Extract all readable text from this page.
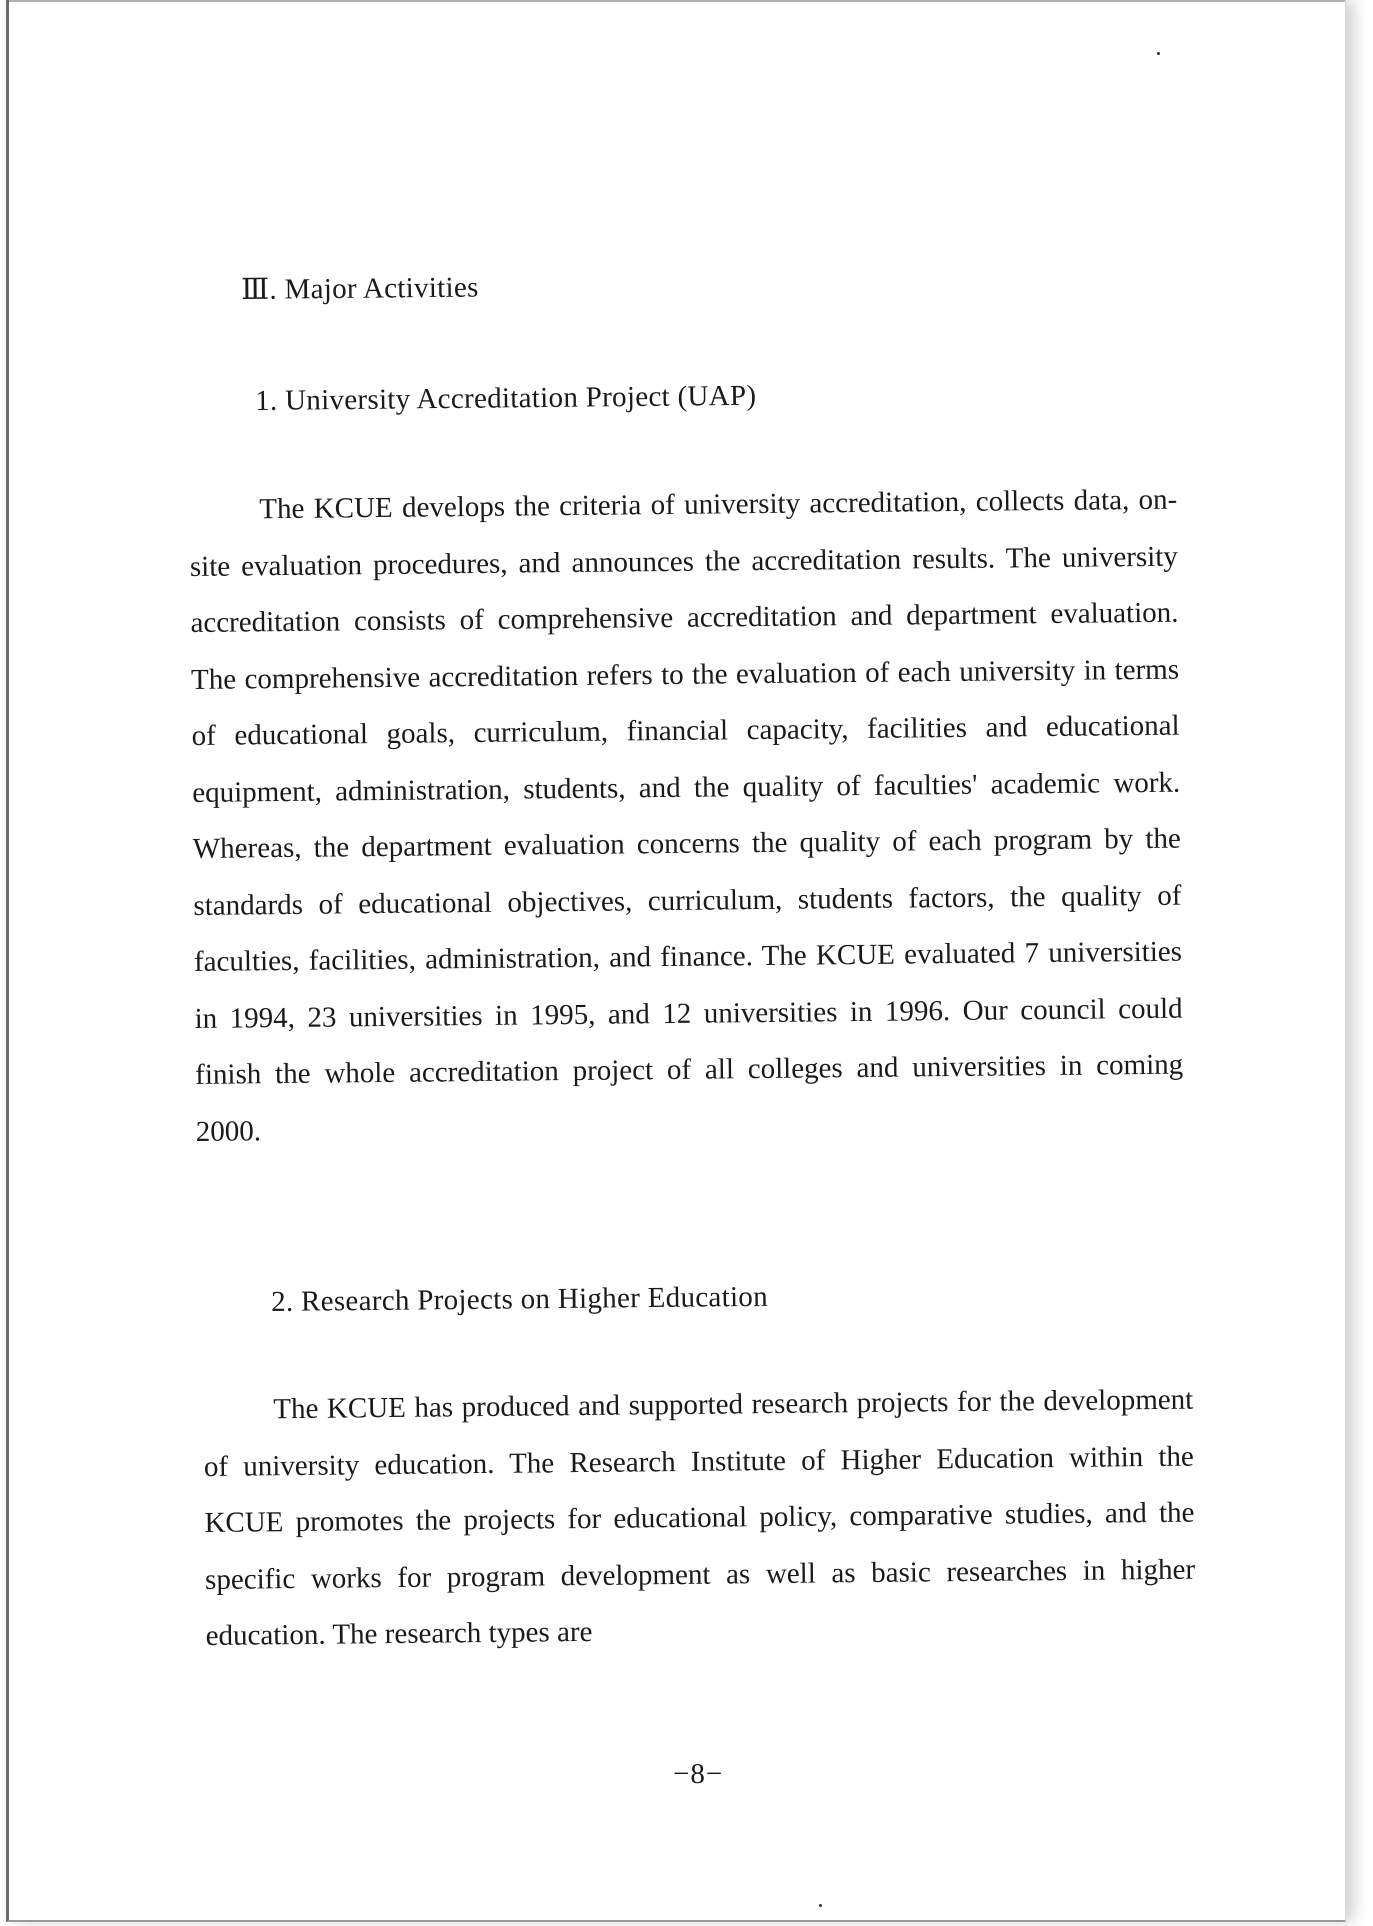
Ⅲ. Major Activities
1. University Accreditation Project (UAP)
The KCUE develops the criteria of university accreditation, collects data, on-site evaluation procedures, and announces the accreditation results. The university accreditation consists of comprehensive accreditation and department evaluation. The comprehensive accreditation refers to the evaluation of each university in terms of educational goals, curriculum, financial capacity, facilities and educational equipment, administration, students, and the quality of faculties' academic work. Whereas, the department evaluation concerns the quality of each program by the standards of educational objectives, curriculum, students factors, the quality of faculties, facilities, administration, and finance. The KCUE evaluated 7 universities in 1994, 23 universities in 1995, and 12 universities in 1996. Our council could finish the whole accreditation project of all colleges and universities in coming 2000.
2. Research Projects on Higher Education
The KCUE has produced and supported research projects for the development of university education. The Research Institute of Higher Education within the KCUE promotes the projects for educational policy, comparative studies, and the specific works for program development as well as basic researches in higher education. The research types are
−8−
